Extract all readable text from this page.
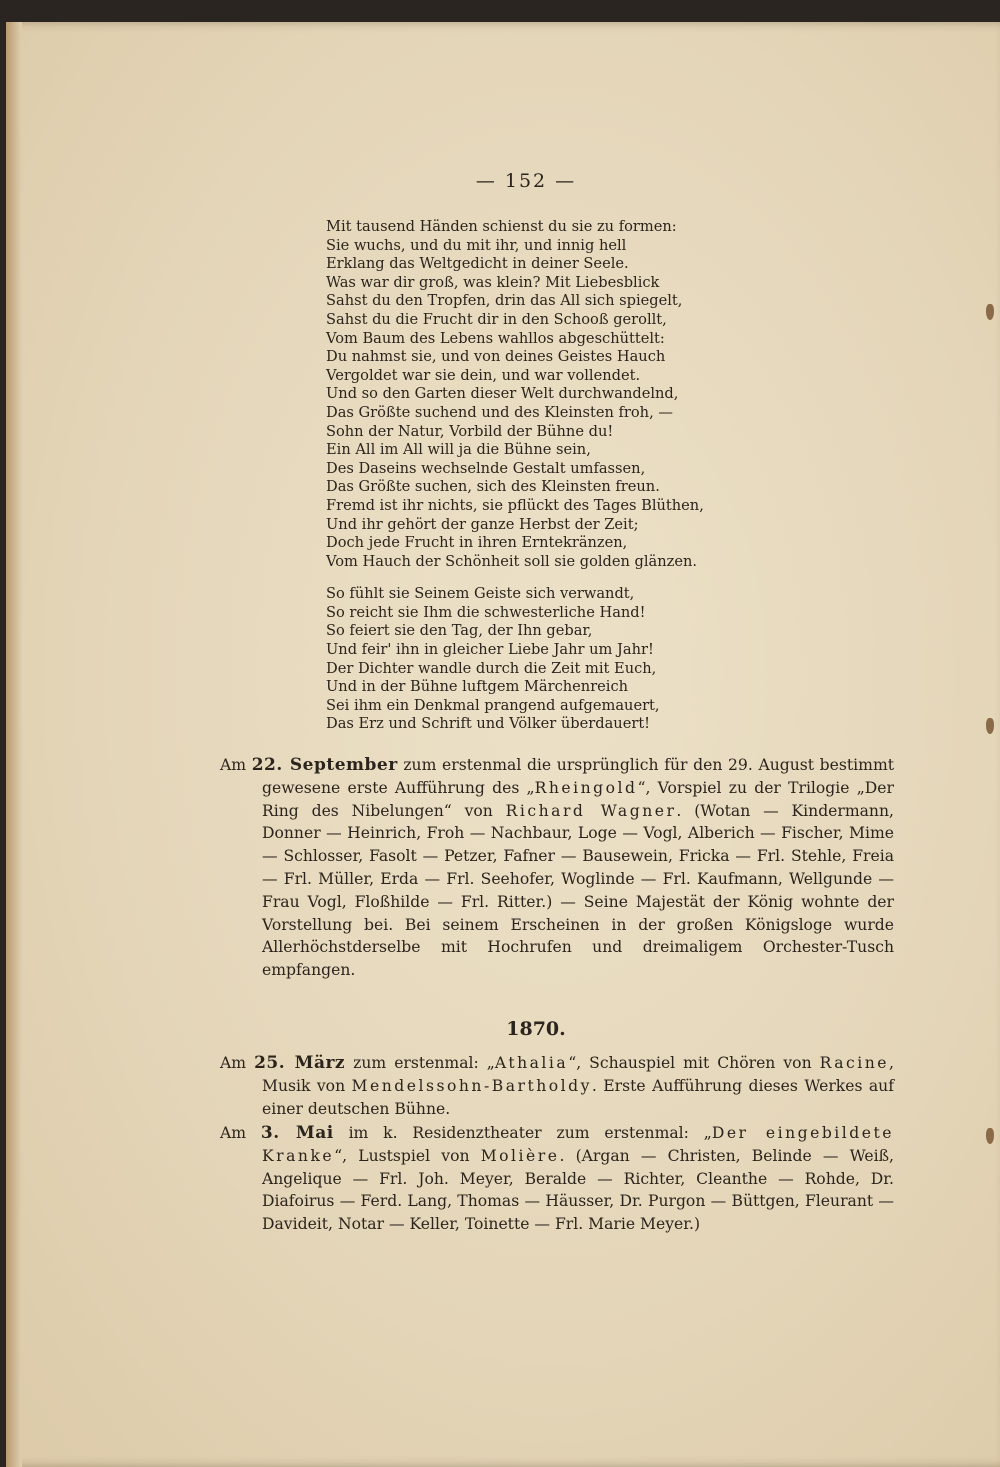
— 152 —
Mit tausend Händen schienst du sie zu formen:
Sie wuchs, und du mit ihr, und innig hell
Erklang das Weltgedicht in deiner Seele.
Was war dir groß, was klein? Mit Liebesblick
Sahst du den Tropfen, drin das All sich spiegelt,
Sahst du die Frucht dir in den Schooß gerollt,
Vom Baum des Lebens wahllos abgeschüttelt:
Du nahmst sie, und von deines Geistes Hauch
Vergoldet war sie dein, und war vollendet.
Und so den Garten dieser Welt durchwandelnd,
Das Größte suchend und des Kleinsten froh, —
Sohn der Natur, Vorbild der Bühne du!
Ein All im All will ja die Bühne sein,
Des Daseins wechselnde Gestalt umfassen,
Das Größte suchen, sich des Kleinsten freun.
Fremd ist ihr nichts, sie pflückt des Tages Blüthen,
Und ihr gehört der ganze Herbst der Zeit;
Doch jede Frucht in ihren Erntekränzen,
Vom Hauch der Schönheit soll sie golden glänzen.
So fühlt sie Seinem Geiste sich verwandt,
So reicht sie Ihm die schwesterliche Hand!
So feiert sie den Tag, der Ihn gebar,
Und feir' ihn in gleicher Liebe Jahr um Jahr!
Der Dichter wandle durch die Zeit mit Euch,
Und in der Bühne luftgem Märchenreich
Sei ihm ein Denkmal prangend aufgemauert,
Das Erz und Schrift und Völker überdauert!
Am 22. September zum erstenmal die ursprünglich für den 29. August bestimmt gewesene erste Aufführung des „Rheingold“, Vorspiel zu der Trilogie „Der Ring des Nibelungen“ von Richard Wagner. (Wotan — Kindermann, Donner — Heinrich, Froh — Nachbaur, Loge — Vogl, Alberich — Fischer, Mime — Schlosser, Fasolt — Petzer, Fafner — Bausewein, Fricka — Frl. Stehle, Freia — Frl. Müller, Erda — Frl. Seehofer, Woglinde — Frl. Kaufmann, Wellgunde — Frau Vogl, Floßhilde — Frl. Ritter.) — Seine Majestät der König wohnte der Vorstellung bei. Bei seinem Erscheinen in der großen Königsloge wurde Allerhöchstderselbe mit Hochrufen und dreimaligem Orchester-Tusch empfangen.
1870.
Am 25. März zum erstenmal: „Athalia“, Schauspiel mit Chören von Racine, Musik von Mendelssohn-Bartholdy. Erste Aufführung dieses Werkes auf einer deutschen Bühne.
Am 3. Mai im k. Residenztheater zum erstenmal: „Der eingebildete Kranke“, Lustspiel von Molière. (Argan — Christen, Belinde — Weiß, Angelique — Frl. Joh. Meyer, Beralde — Richter, Cleanthe — Rohde, Dr. Diafoirus — Ferd. Lang, Thomas — Häusser, Dr. Purgon — Büttgen, Fleurant — Davideit, Notar — Keller, Toinette — Frl. Marie Meyer.)
